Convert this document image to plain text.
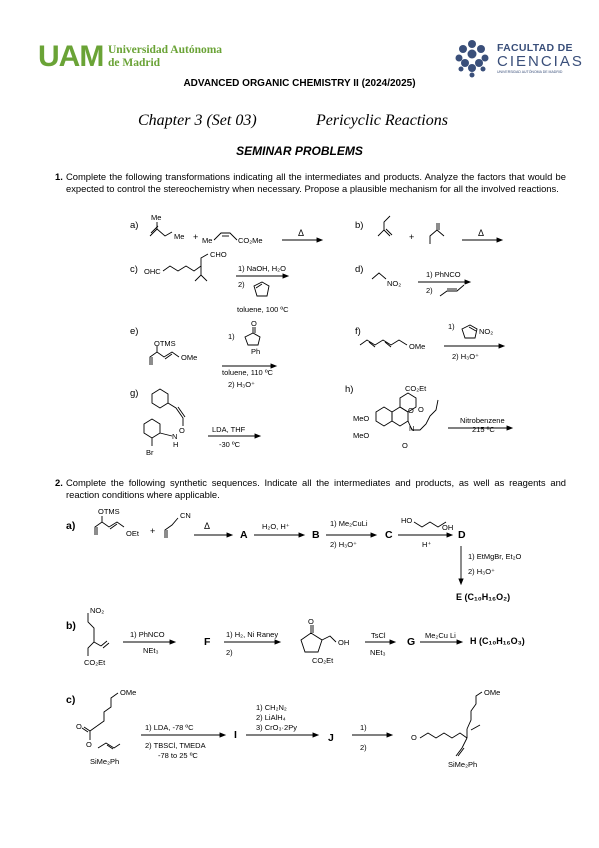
UAM Universidad Autónoma
de Madrid
FACULTAD DE
CIENCIAS
UNIVERSIDAD AUTÓNOMA DE MADRID
ADVANCED ORGANIC CHEMISTRY II (2024/2025)
Chapter 3 (Set 03)	Pericyclic Reactions
SEMINAR PROBLEMS
1. Complete the following transformations indicating all the intermediates and products. Analyze the factors that would be expected to control the stereochemistry when necessary. Propose a plausible mechanism for all the involved reactions.
2. Complete the following synthetic sequences. Indicate all the intermediates and products, as well as reagents and reaction conditions where applicable.
a)
Me
Me + Me	CO₂Me
Δ
b)
+	Δ
c) OHC
CHO
1) NaOH, H₂O
2)
toluene, 100 ºC
d)
NO₂
1) PhNCO
2)
e)
OTMS
OMe
1)
O
Ph
toluene, 110 ºC
2) H₃O⁺
f)
OMe
1)
NO₂
2) H₃O⁺
g)
O
N
H
Br
LDA, THF
-30 ºC
h)	CO₂Et
O
O
MeO
MeO
N
O
Nitrobenzene
215 ºC
a)
OTMS
OEt +
CN
Δ
A
H₂O, H⁺
B
1) Me₂CuLi
2) H₃O⁺
C
HO
OH
H⁺
D
1) EtMgBr, Et₂O
2) H₃O⁺
E (C₁₀H₁₆O₂)
b)
NO₂
CO₂Et
1) PhNCO
NEt₃
F
1) H₂, Ni Raney
2)
O
OH
CO₂Et
TsCl
NEt₃
G
Me₂Cu Li
H (C₁₀H₁₆O₃)
c)
OMe
O
O
SiMe₂Ph
1) LDA, -78 ºC
2) TBSCl, TMEDA
-78 to 25 ºC
I
1) CH₂N₂
2) LiAlH₄
3) CrO₃·2Py
J
1)
2)
OMe
O
SiMe₂Ph
